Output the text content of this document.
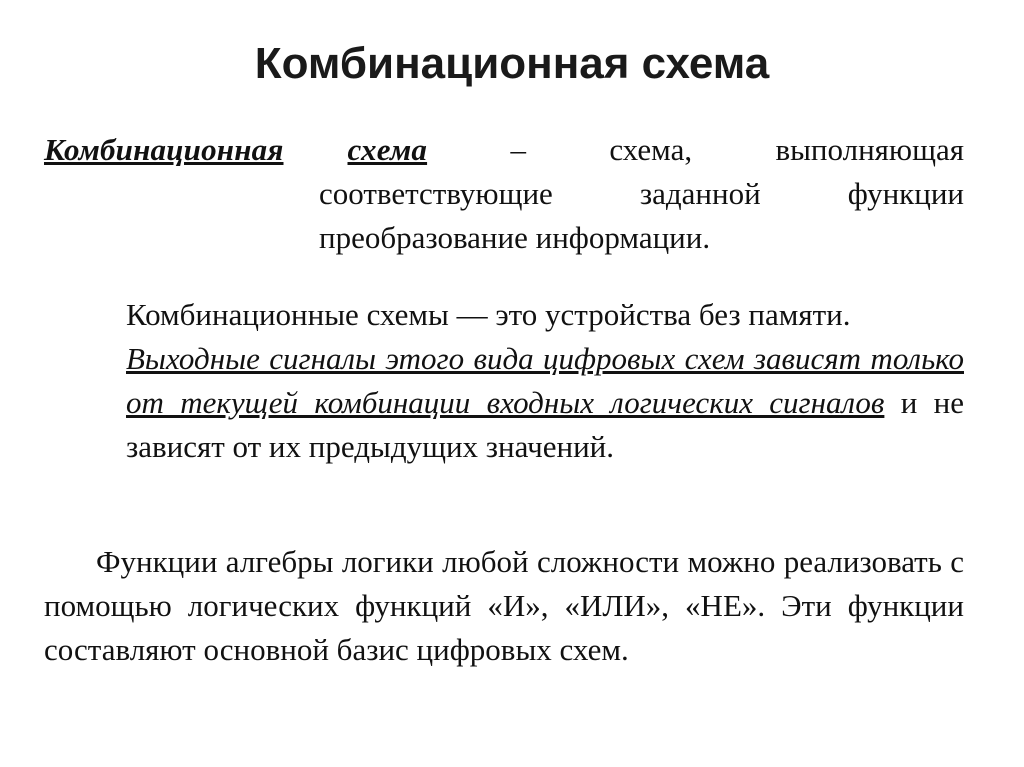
Комбинационная схема
Комбинационная схема	–	схема,	выполняющая
соответствующие заданной функции преобразование информации.
Комбинационные схемы — это устройства без памяти.
Выходные сигналы этого вида цифровых схем зависят только от текущей комбинации входных логических сигналов и не зависят от их предыдущих значений.
Функции алгебры логики любой сложности можно реализовать с помощью логических функций «И», «ИЛИ», «НЕ». Эти функции составляют основной базис цифровых схем.
